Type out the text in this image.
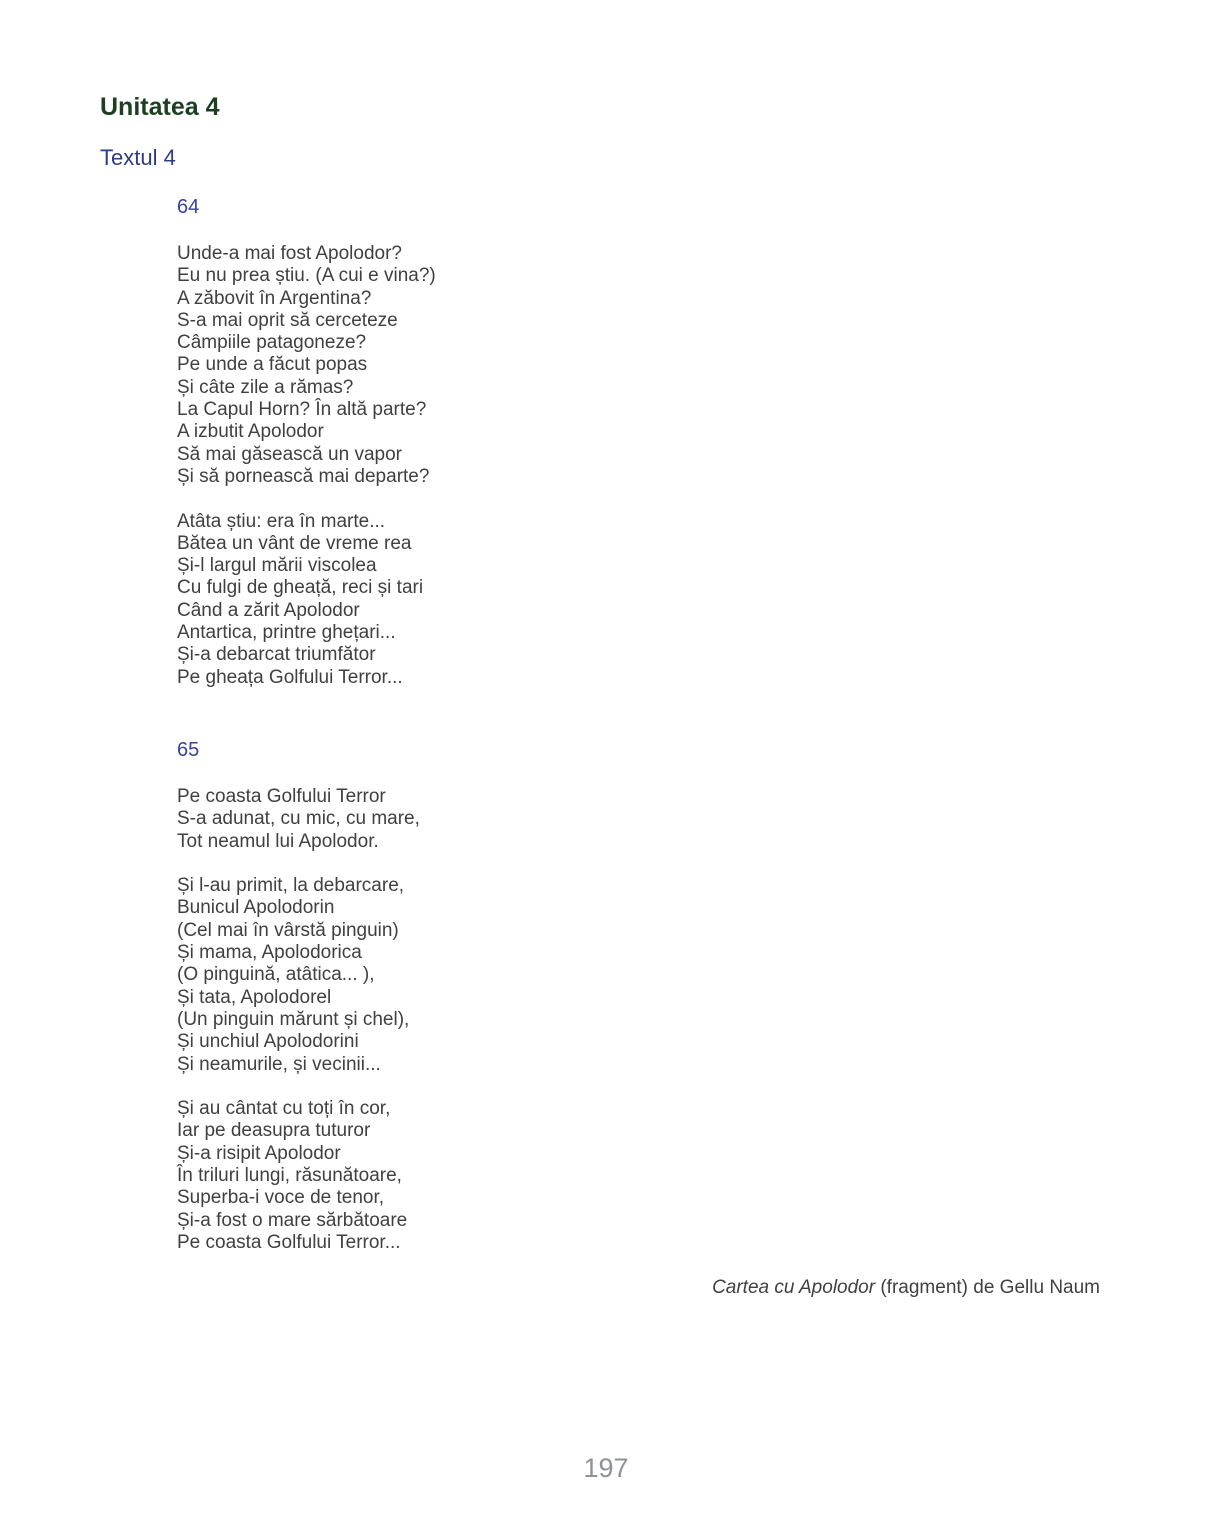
Unitatea 4
Textul 4
64

Unde-a mai fost Apolodor?

Eu nu prea știu. (A cui e vina?)

A zăbovit în Argentina?

S-a mai oprit să cerceteze

Câmpiile patagoneze?

Pe unde a făcut popas

Și câte zile a rămas?

La Capul Horn? În altă parte?

A izbutit Apolodor

Să mai găsească un vapor

Și să pornească mai departe?

Atâta știu: era în marte...

Bătea un vânt de vreme rea

Și-l largul mării viscolea

Cu fulgi de gheață, reci și tari

Când a zărit Apolodor

Antartica, printre ghețari...

Și-a debarcat triumfător

Pe gheața Golfului Terror...

65

Pe coasta Golfului Terror

S-a adunat, cu mic, cu mare,

Tot neamul lui Apolodor.

Și l-au primit, la debarcare,

Bunicul Apolodorin

(Cel mai în vârstă pinguin)

Și mama, Apolodorica

(O pinguină, atâtica... ),

Și tata, Apolodorel

(Un pinguin mărunt și chel),

Și unchiul Apolodorini

Și neamurile, și vecinii...

Și au cântat cu toți în cor,

Iar pe deasupra tuturor

Și-a risipit Apolodor

În triluri lungi, răsunătoare,

Superba-i voce de tenor,

Și-a fost o mare sărbătoare

Pe coasta Golfului Terror...

Cartea cu Apolodor (fragment) de Gellu Naum

197
